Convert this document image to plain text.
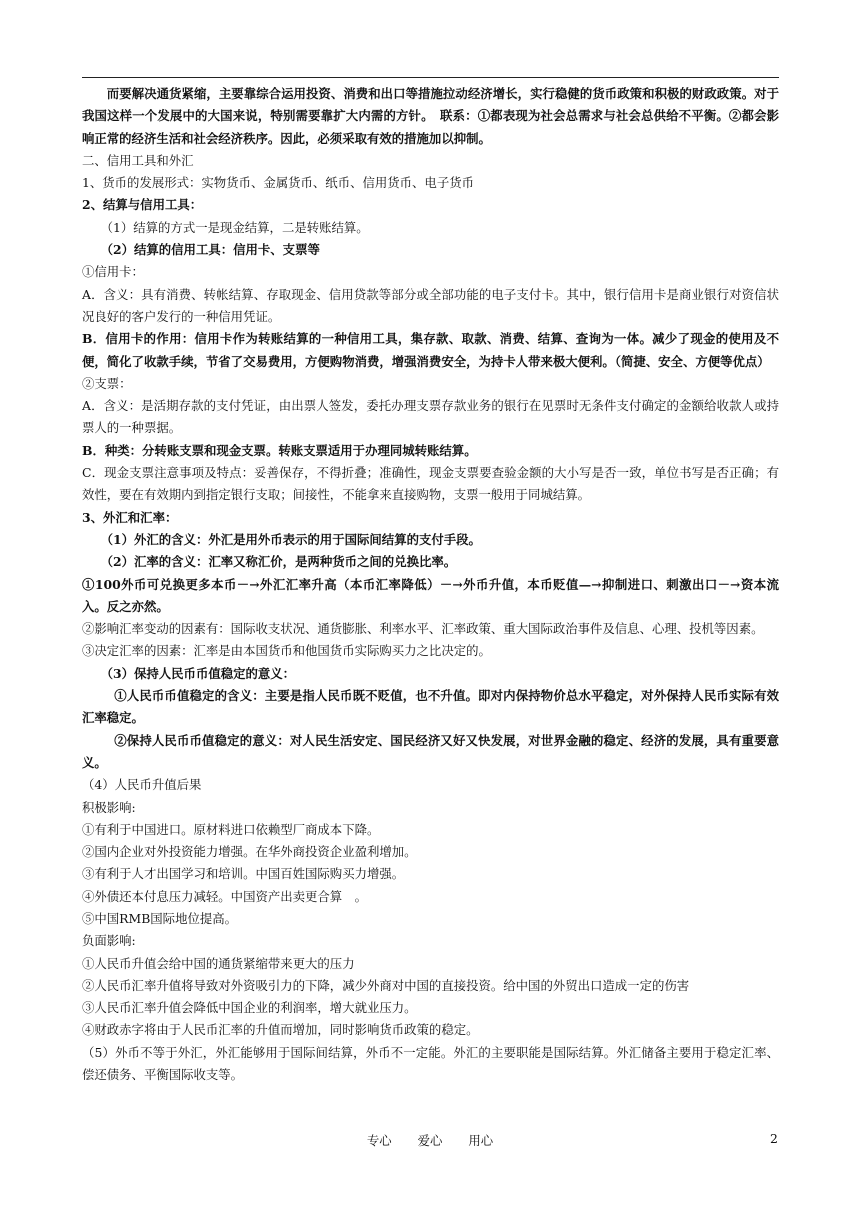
而要解决通货紧缩，主要靠综合运用投资、消费和出口等措施拉动经济增长，实行稳健的货币政策和积极的财政政策。对于我国这样一个发展中的大国来说，特别需要靠扩大内需的方针。　联系：①都表现为社会总需求与社会总供给不平衡。②都会影响正常的经济生活和社会经济秩序。因此，必须采取有效的措施加以抑制。

二、信用工具和外汇

1、货币的发展形式：实物货币、金属货币、纸币、信用货币、电子货币

2、结算与信用工具：

（1）结算的方式一是现金结算，二是转账结算。

（2）结算的信用工具：信用卡、支票等

①信用卡：

A．含义：具有消费、转帐结算、存取现金、信用贷款等部分或全部功能的电子支付卡。其中，银行信用卡是商业银行对资信状况良好的客户发行的一种信用凭证。

B．信用卡的作用：信用卡作为转账结算的一种信用工具，集存款、取款、消费、结算、查询为一体。减少了现金的使用及不便，简化了收款手续，节省了交易费用，方便购物消费，增强消费安全，为持卡人带来极大便利。（简捷、安全、方便等优点）

②支票：

A．含义：是活期存款的支付凭证，由出票人签发，委托办理支票存款业务的银行在见票时无条件支付确定的金额给收款人或持票人的一种票据。

B．种类：分转账支票和现金支票。转账支票适用于办理同城转账结算。

C．现金支票注意事项及特点：妥善保存，不得折叠；准确性，现金支票要查验金额的大小写是否一致，单位书写是否正确；有效性，要在有效期内到指定银行支取；间接性，不能拿来直接购物，支票一般用于同城结算。

3、外汇和汇率：

（1）外汇的含义：外汇是用外币表示的用于国际间结算的支付手段。

（2）汇率的含义：汇率又称汇价，是两种货币之间的兑换比率。

①100外币可兑换更多本币－→外汇汇率升高（本币汇率降低）－→外币升值，本币贬值—→抑制进口、刺激出口－→资本流入。反之亦然。

②影响汇率变动的因素有：国际收支状况、通货膨胀、利率水平、汇率政策、重大国际政治事件及信息、心理、投机等因素。

③决定汇率的因素：汇率是由本国货币和他国货币实际购买力之比决定的。

（3）保持人民币币值稳定的意义：

①人民币币值稳定的含义：主要是指人民币既不贬值，也不升值。即对内保持物价总水平稳定，对外保持人民币实际有效汇率稳定。

②保持人民币币值稳定的意义：对人民生活安定、国民经济又好又快发展，对世界金融的稳定、经济的发展，具有重要意义。

（4）人民币升值后果

积极影响:

①有利于中国进口。原材料进口依赖型厂商成本下降。

②国内企业对外投资能力增强。在华外商投资企业盈利增加。

③有利于人才出国学习和培训。中国百姓国际购买力增强。

④外债还本付息压力减轻。中国资产出卖更合算　。

⑤中国RMB国际地位提高。

负面影响:

①人民币升值会给中国的通货紧缩带来更大的压力

②人民币汇率升值将导致对外资吸引力的下降，减少外商对中国的直接投资。给中国的外贸出口造成一定的伤害

③人民币汇率升值会降低中国企业的利润率，增大就业压力。

④财政赤字将由于人民币汇率的升值而增加，同时影响货币政策的稳定。

（5）外币不等于外汇，外汇能够用于国际间结算，外币不一定能。外汇的主要职能是国际结算。外汇储备主要用于稳定汇率、偿还债务、平衡国际收支等。

专心 爱心 用心	2
